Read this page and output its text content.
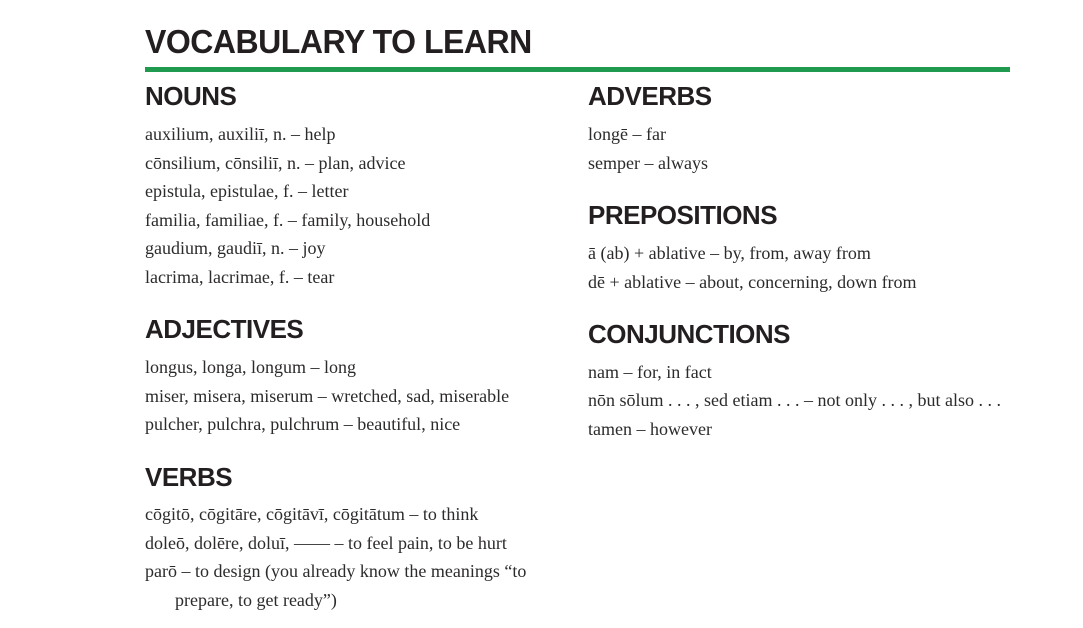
VOCABULARY TO LEARN
NOUNS
auxilium, auxiliī, n. – help
cōnsilium, cōnsiliī, n. – plan, advice
epistula, epistulae, f. – letter
familia, familiae, f. – family, household
gaudium, gaudiī, n. – joy
lacrima, lacrimae, f. – tear
ADJECTIVES
longus, longa, longum – long
miser, misera, miserum – wretched, sad, miserable
pulcher, pulchra, pulchrum – beautiful, nice
VERBS
cōgitō, cōgitāre, cōgitāvī, cōgitātum – to think
doleō, dolēre, doluī, —— – to feel pain, to be hurt
parō – to design (you already know the meanings “to prepare, to get ready”)
ADVERBS
longē – far
semper – always
PREPOSITIONS
ā (ab) + ablative – by, from, away from
dē + ablative – about, concerning, down from
CONJUNCTIONS
nam – for, in fact
nōn sōlum . . . , sed etiam . . . – not only . . . , but also . . .
tamen – however
